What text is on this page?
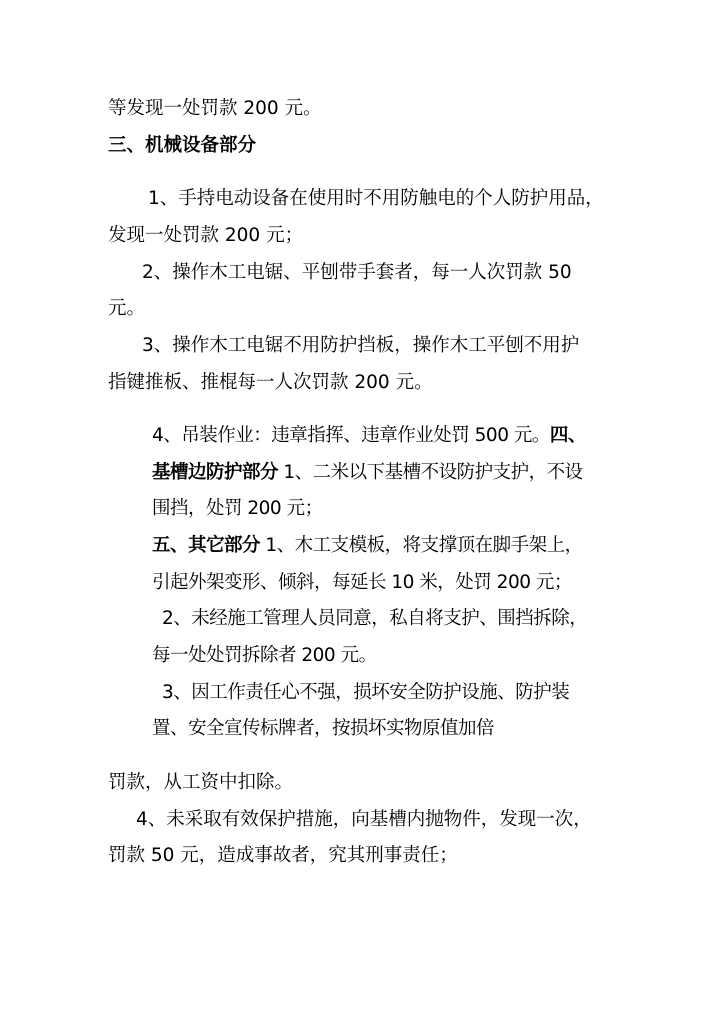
等发现一处罚款 200 元。

三、机械设备部分

1、手持电动设备在使用时不用防触电的个人防护用品，

发现一处罚款 200 元；

2、操作木工电锯、平刨带手套者，每一人次罚款 50

元。

3、操作木工电锯不用防护挡板，操作木工平刨不用护

指键推板、推棍每一人次罚款 200 元。

4、吊装作业：违章指挥、违章作业处罚 500 元。四、

基槽边防护部分 1、二米以下基槽不设防护支护，不设

围挡，处罚 200 元；

五、其它部分 1、木工支模板，将支撑顶在脚手架上，

引起外架变形、倾斜，每延长 10 米，处罚 200 元；

2、未经施工管理人员同意，私自将支护、围挡拆除，

每一处处罚拆除者 200 元。

3、因工作责任心不强，损坏安全防护设施、防护装

置、安全宣传标牌者，按损坏实物原值加倍

罚款，从工资中扣除。

4、未采取有效保护措施，向基槽内抛物件，发现一次，

罚款 50 元，造成事故者，究其刑事责任；
